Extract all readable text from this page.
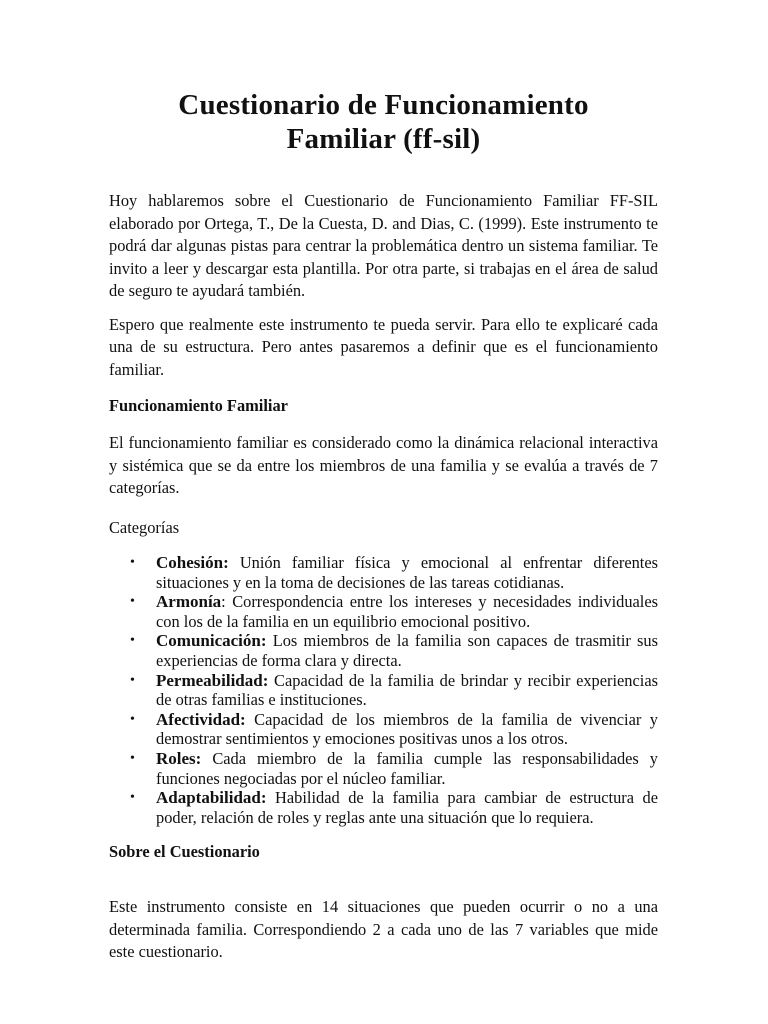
Cuestionario de Funcionamiento
Familiar (ff-sil)

Hoy hablaremos sobre el Cuestionario de Funcionamiento Familiar FF-SIL elaborado por Ortega, T., De la Cuesta, D. and Dias, C. (1999). Este instrumento te podrá dar algunas pistas para centrar la problemática dentro un sistema familiar. Te invito a leer y descargar esta plantilla. Por otra parte, si trabajas en el área de salud de seguro te ayudará también.

Espero que realmente este instrumento te pueda servir. Para ello te explicaré cada una de su estructura. Pero antes pasaremos a definir que es el funcionamiento familiar.

Funcionamiento Familiar

El funcionamiento familiar es considerado como la dinámica relacional interactiva y sistémica que se da entre los miembros de una familia y se evalúa a través de 7 categorías.

Categorías

• Cohesión: Unión familiar física y emocional al enfrentar diferentes situaciones y en la toma de decisiones de las tareas cotidianas.
• Armonía: Correspondencia entre los intereses y necesidades individuales con los de la familia en un equilibrio emocional positivo.
• Comunicación: Los miembros de la familia son capaces de trasmitir sus experiencias de forma clara y directa.
• Permeabilidad: Capacidad de la familia de brindar y recibir experiencias de otras familias e instituciones.
• Afectividad: Capacidad de los miembros de la familia de vivenciar y demostrar sentimientos y emociones positivas unos a los otros.
• Roles: Cada miembro de la familia cumple las responsabilidades y funciones negociadas por el núcleo familiar.
• Adaptabilidad: Habilidad de la familia para cambiar de estructura de poder, relación de roles y reglas ante una situación que lo requiera.
Sobre el Cuestionario

Este instrumento consiste en 14 situaciones que pueden ocurrir o no a una determinada familia. Correspondiendo 2 a cada uno de las 7 variables que mide este cuestionario.
